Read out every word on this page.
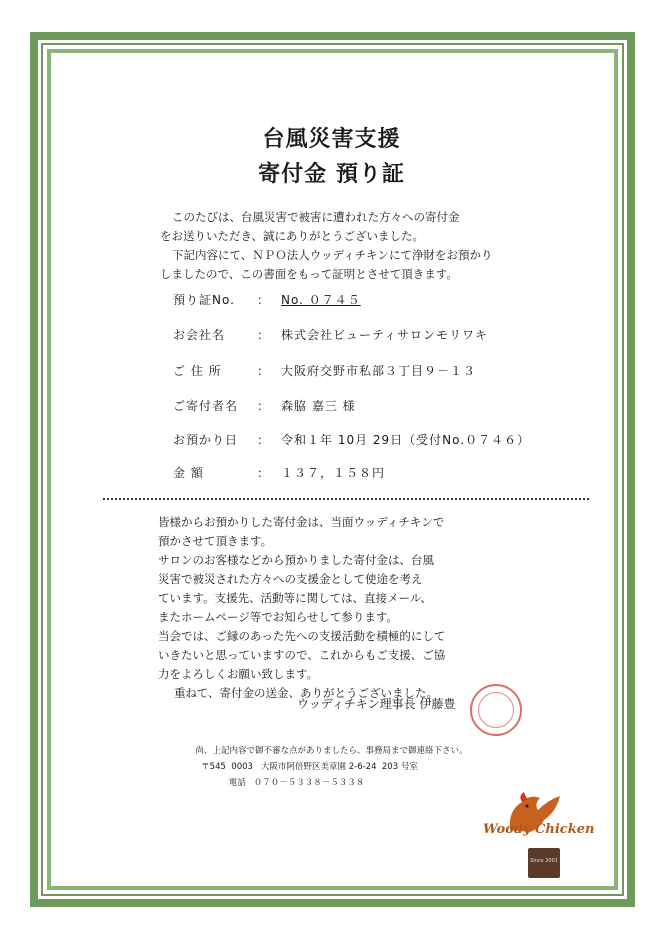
台風災害支援
寄付金 預り証
このたびは、台風災害で被害に遭われた方々への寄付金
をお送りいただき、誠にありがとうございました。
下記内容にて、ＮＰＯ法人ウッディチキンにて浄財をお預かり
しましたので、この書面をもって証明とさせて頂きます。
預り証No.	： No. ０７４５
お会社名	： 株式会社ビューティサロンモリワキ
ご 住 所	： 大阪府交野市私部３丁目９－１３
ご寄付者名	： 森脇 嘉三 様
お預かり日	： 令和１年 10月 29日（受付No.０７４６）
金 額	： １３７，１５８円
皆様からお預かりした寄付金は、当面ウッディチキンで
預かさせて頂きます。
サロンのお客様などから預かりました寄付金は、台風
災害で被災された方々への支援金として使途を考え
ています。支援先、活動等に関しては、直接メール、
またホームページ等でお知らせして参ります。
当会では、ご縁のあった先への支援活動を積極的にして
いきたいと思っていますので、これからもご支援、ご協
力をよろしくお願い致します。
重ねて、寄付金の送金、ありがとうございました。
ウッディチキン理事長 伊藤豊
尚、上記内容で御不審な点がありましたら、事務局まで御連絡下さい。
〒545  0003   大阪市阿倍野区美章園 2-6-24  203 号室
電話   ０７０－５３３８－５３３８
Woody Chicken
Since 2001
